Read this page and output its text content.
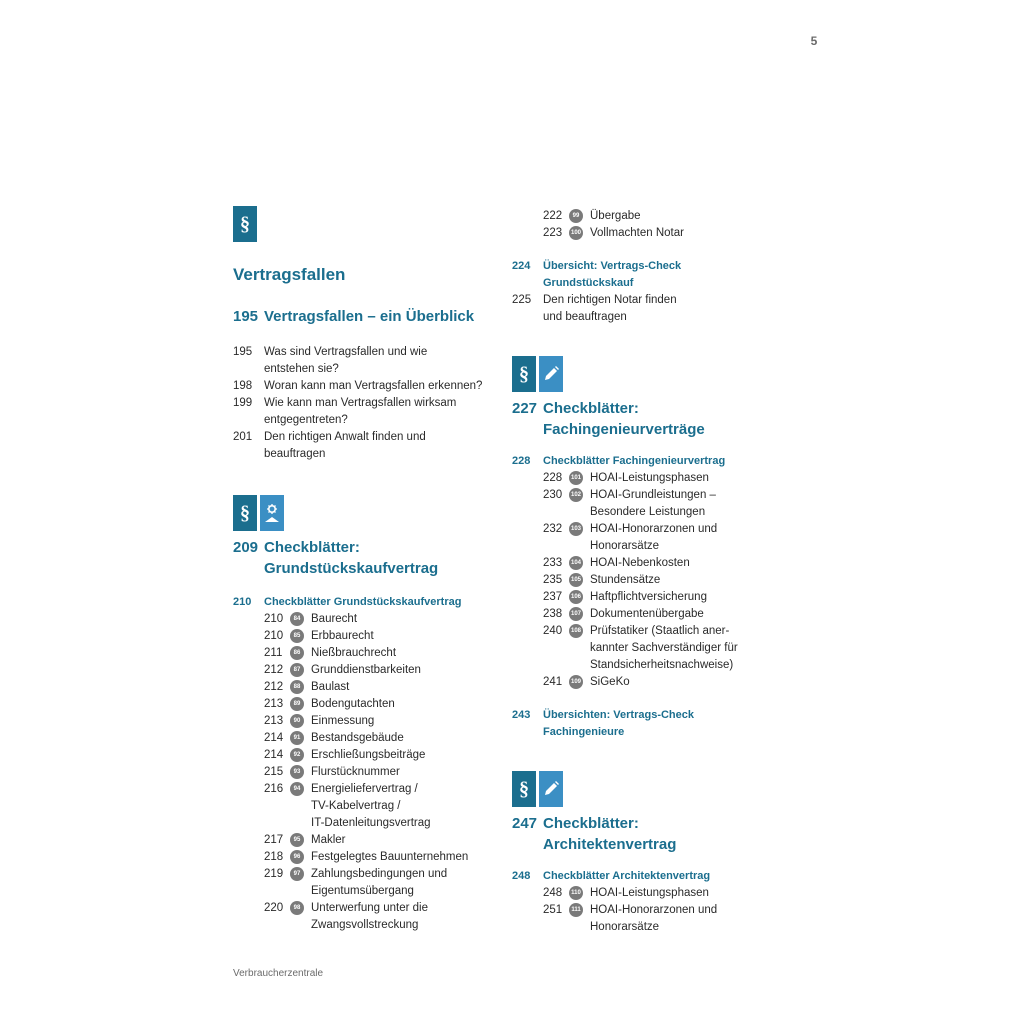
5
§
Vertragsfallen
195 Vertragsfallen – ein Überblick
195	Was sind Vertragsfallen und wie
entstehen sie?
198	Woran kann man Vertragsfallen erkennen?
199	Wie kann man Vertragsfallen wirksam
entgegentreten?
201	Den richtigen Anwalt finden und
beauftragen
§
209 Checkblätter:
Grundstückskaufvertrag
210	Checkblätter Grundstückskaufvertrag
210	84 Baurecht
210	85 Erbbaurecht
211	86 Nießbrauchrecht
212	87 Grunddienstbarkeiten
212	88 Baulast
213	89 Bodengutachten
213	90 Einmessung
214	91 Bestandsgebäude
214	92 Erschließungsbeiträge
215	93 Flurstücknummer
216	94 Energieliefervertrag /
TV-Kabelvertrag /
IT-Datenleitungsvertrag
217	95 Makler
218	96 Festgelegtes Bauunternehmen
219	97 Zahlungsbedingungen und
Eigentumsübergang
220	98 Unterwerfung unter die
Zwangsvollstreckung
222	99 Übergabe
223	100 Vollmachten Notar
224	Übersicht: Vertrags-Check
Grundstückskauf
225	Den richtigen Notar finden
und beauftragen
§
227 Checkblätter:
Fachingenieurverträge
228	Checkblätter Fachingenieurvertrag
228	101 HOAI-Leistungsphasen
230	102 HOAI-Grundleistungen –
Besondere Leistungen
232	103 HOAI-Honorarzonen und
Honorarsätze
233	104 HOAI-Nebenkosten
235	105 Stundensätze
237	106 Haftpflichtversicherung
238	107 Dokumentenübergabe
240	108 Prüfstatiker (Staatlich aner-
kannter Sachverständiger für
Standsicherheitsnachweise)
241	109 SiGeKo
243	Übersichten: Vertrags-Check
Fachingenieure
§
247 Checkblätter:
Architektenvertrag
248	Checkblätter Architektenvertrag
248	110 HOAI-Leistungsphasen
251	111 HOAI-Honorarzonen und
Honorarsätze
Verbraucherzentrale
